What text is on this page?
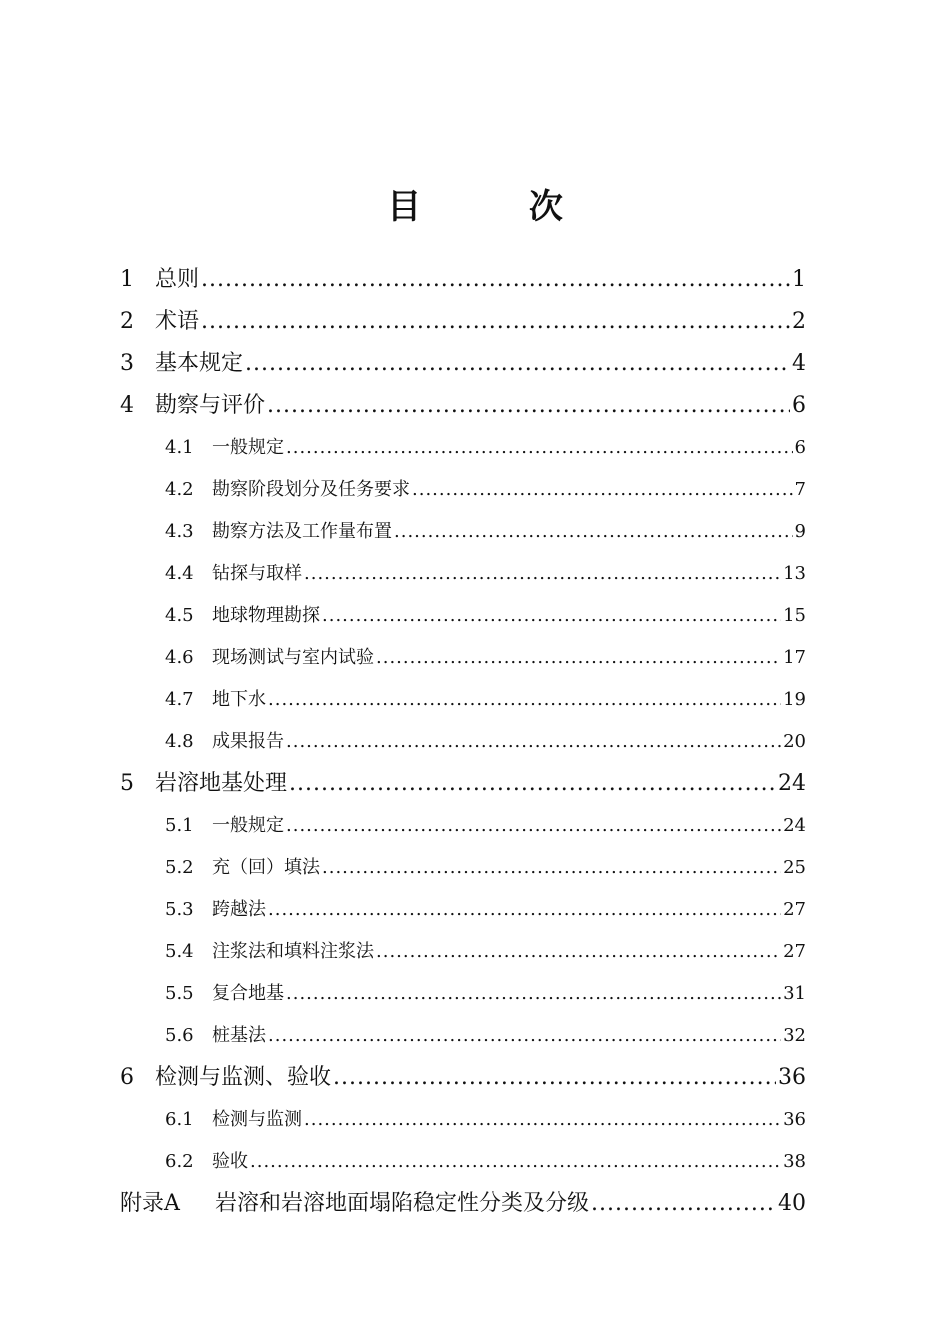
目 次
1 总则 .....	1
2 术语 .....	2
3 基本规定 .....	4
4 勘察与评价 .....	6
4.1	一般规定 .....	6
4.2	勘察阶段划分及任务要求 .....	7
4.3	勘察方法及工作量布置 .....	9
4.4	钻探与取样 .....	13
4.5	地球物理勘探 .....	15
4.6	现场测试与室内试验 .....	17
4.7	地下水 .....	19
4.8	成果报告 .....	20
5 岩溶地基处理 .....	24
5.1	一般规定 .....	24
5.2	充（回）填法 .....	25
5.3	跨越法 .....	27
5.4	注浆法和填料注浆法 .....	27
5.5	复合地基 .....	31
5.6	桩基法 .....	32
6 检测与监测、验收 .....	36
6.1	检测与监测 .....	36
6.2	验收 .....	38
附录A	岩溶和岩溶地面塌陷稳定性分类及分级 .....	40
